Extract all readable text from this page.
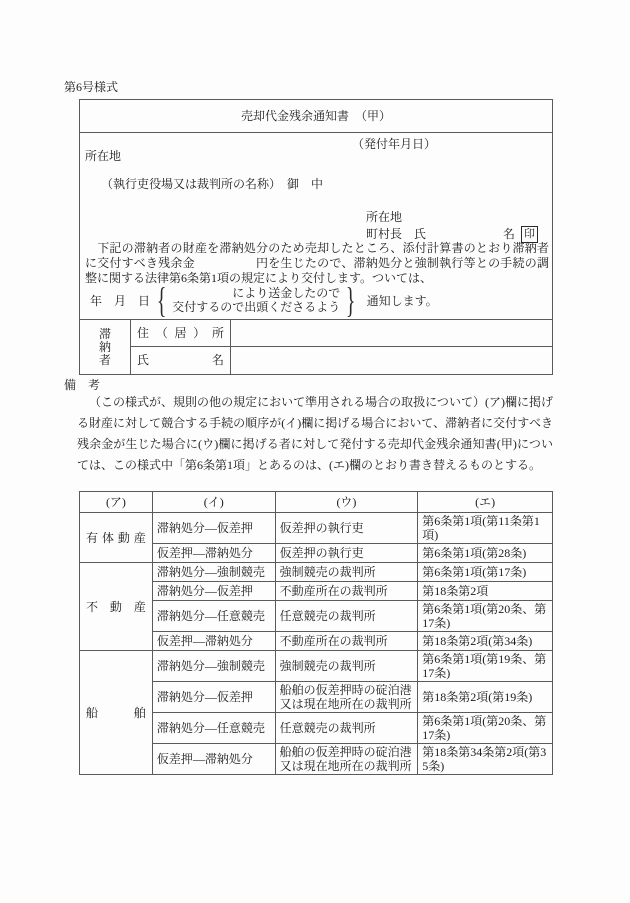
第6号様式
売却代金残余通知書　（甲）
（発付年月日）
所在地
（執行吏役場又は裁判所の名称）　御　中
所在地
町村長　氏	名 印
　下記の滞納者の財産を滞納処分のため売却したところ、添付計算書のとおり滞納者に交付すべき残余金　　　　　円を生じたので、滞納処分と強制執行等との手続の調整に関する法律第6条第1項の規定により交付します。ついては、
年　月　日 {	により送金したので
交付するので出頭くださるよう } 通知します。
滞納者
住（居）所
氏名
備　考
（この様式が、規則の他の規定において準用される場合の取扱について）(ア)欄に掲げる財産に対して競合する手続の順序が(イ)欄に掲げる場合において、滞納者に交付すべき残余金が生じた場合に(ウ)欄に掲げる者に対して発付する売却代金残余通知書(甲)については、この様式中「第6条第1項」とあるのは、(エ)欄のとおり書き替えるものとする。
(ア)	(イ)	(ウ)	(エ)
有体動産	滞納処分―仮差押	仮差押の執行吏	第6条第1項(第11条第1項)
	仮差押―滞納処分	仮差押の執行吏	第6条第1項(第28条)
不動産	滞納処分―強制競売	強制競売の裁判所	第6条第1項(第17条)
	滞納処分―仮差押	不動産所在の裁判所	第18条第2項
	滞納処分―任意競売	任意競売の裁判所	第6条第1項(第20条、第17条)
	仮差押―滞納処分	不動産所在の裁判所	第18条第2項(第34条)
船舶	滞納処分―強制競売	強制競売の裁判所	第6条第1項(第19条、第17条)
	滞納処分―仮差押	船舶の仮差押時の碇泊港又は現在地所在の裁判所	第18条第2項(第19条)
	滞納処分―任意競売	任意競売の裁判所	第6条第1項(第20条、第17条)
	仮差押―滞納処分	船舶の仮差押時の碇泊港又は現在地所在の裁判所	第18条第34条第2項(第35条)
